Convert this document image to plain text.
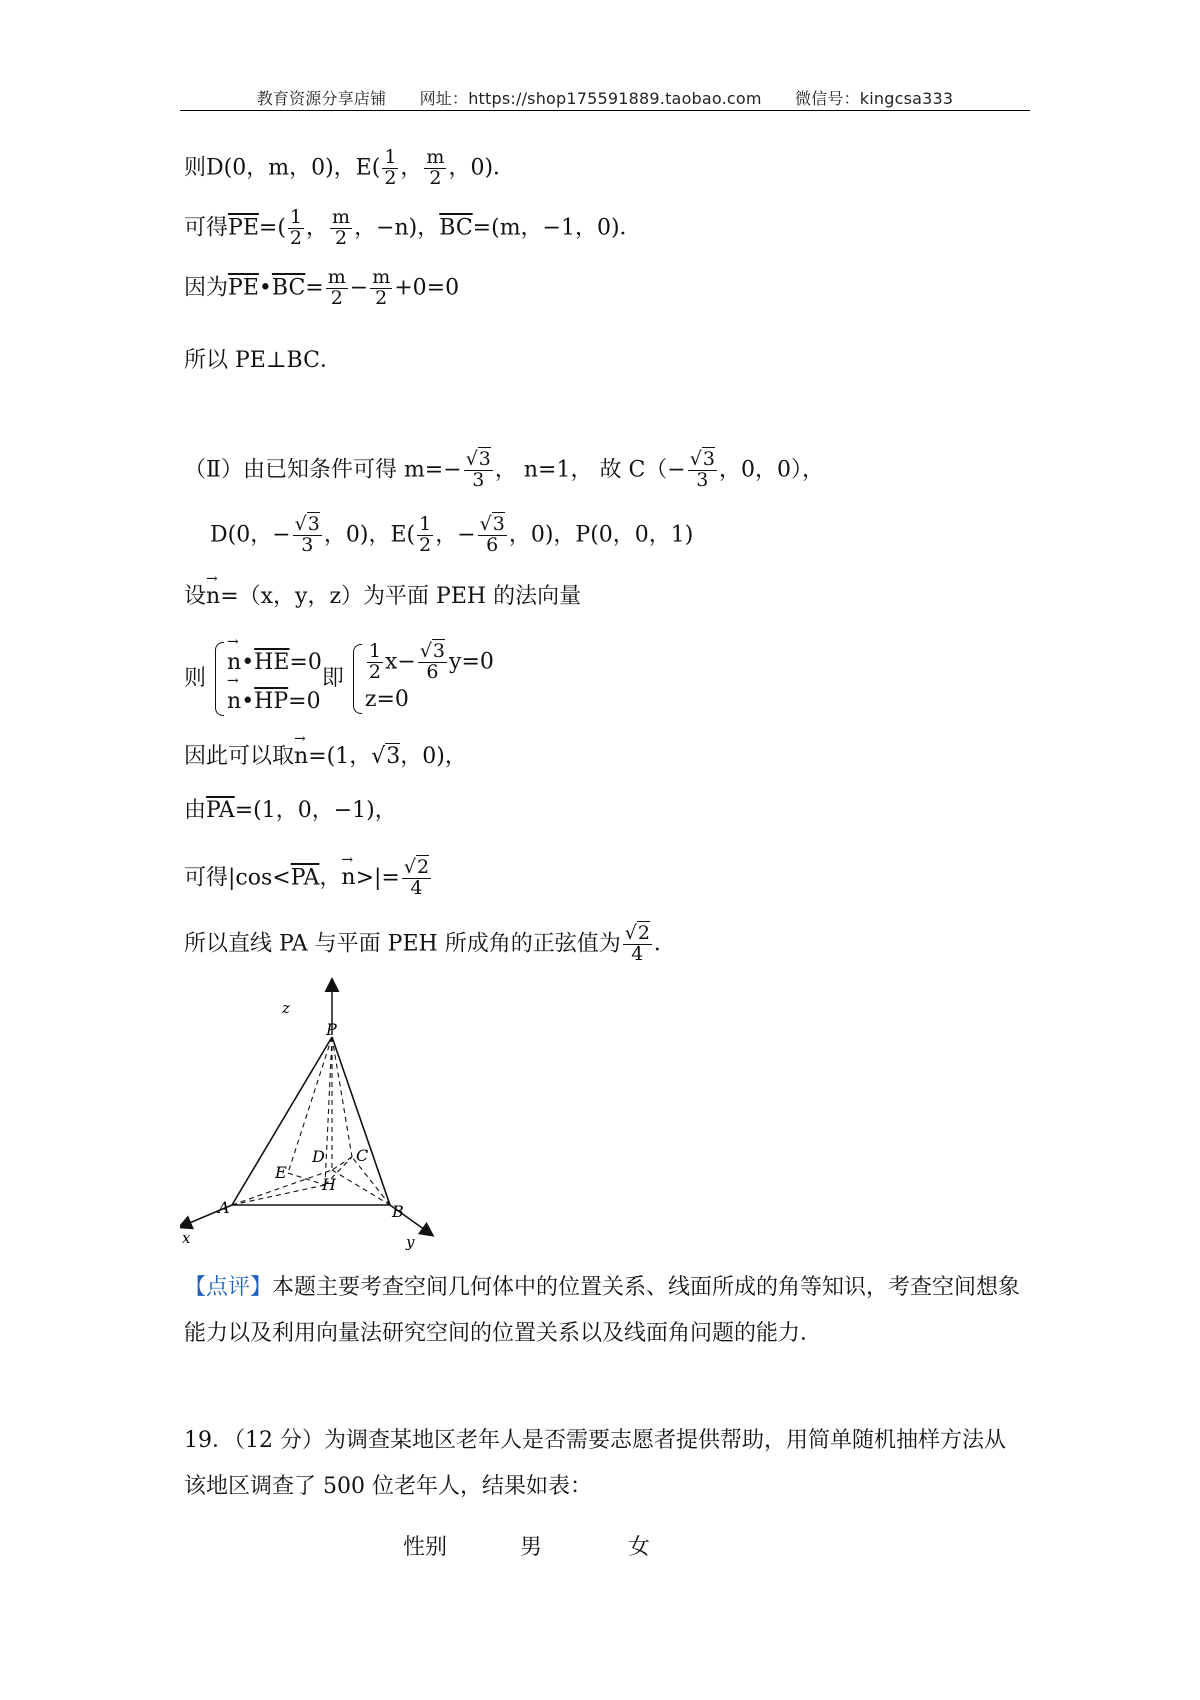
教育资源分享店铺 网址：https://shop175591889.taobao.com 微信号：kingcsa333
则D(0，m，0)，$E( \frac{1}{2}$ ， $\frac{m}{2}$ ，0)．
可得$\overline{PE}=( \frac{1}{2}$ ， $\frac{m}{2}$ ，−n)，$\overline{BC}=(m$，−1，0)．
因为$\overline{PE}•\overline{BC}= \frac{m}{2} - \frac{m}{2} +0=0$
所以 PE⊥BC．
（Ⅱ）由已知条件可得 $m=- \frac{√3}{3}$ ， n=1， 故 $C(- \frac{√3}{3}$ ，0，0），
D(0，− $\frac{√3}{3}$ ，0)，$E( \frac{1}{2}$ ，− $\frac{√3}{6}$ ，0)，P(0，0，1)
设→ n=（x，y，z）为平面 PEH 的法向量
则
→ $n•\overline{HE}=0$
→ $n•\overline{HP}=0$
即 $\frac{1}{2} x- \frac{√3}{6} y=0$
z=0
因此可以取→ n=(1，√3，0)，
由$\overline{PA}=(1$，0，−1)，
可得$|\cos<\overline{PA}$，→ $n>|= \frac{√2}{4}$
所以直线 PA 与平面 PEH 所成角的正弦值为 $\frac{√2}{4}$ ．
z
P
D C
E
H
A	B
x	y
【点评】本题主要考查空间几何体中的位置关系、线面所成的角等知识，考查空间想象能力以及利用向量法研究空间的位置关系以及线面角问题的能力．
19．（12 分）为调查某地区老年人是否需要志愿者提供帮助，用简单随机抽样方法从该地区调查了 500 位老年人，结果如表：
性别	男	女
